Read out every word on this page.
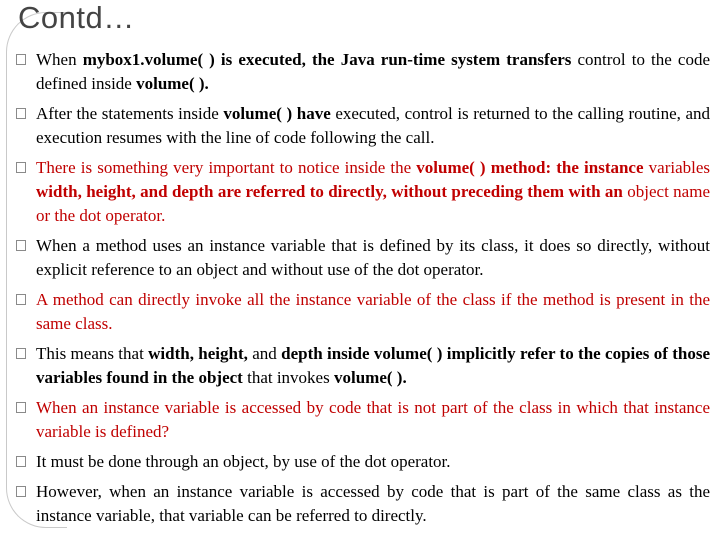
Contd…
When mybox1.volume( ) is executed, the Java run-time system transfers control to the code defined inside volume( ).
After the statements inside volume( ) have executed, control is returned to the calling routine, and execution resumes with the line of code following the call.
There is something very important to notice inside the volume( ) method: the instance variables width, height, and depth are referred to directly, without preceding them with an object name or the dot operator.
When a method uses an instance variable that is defined by its class, it does so directly, without explicit reference to an object and without use of the dot operator.
A method can directly invoke all the instance variable of the class if the method is present in the same class.
This means that width, height, and depth inside volume( ) implicitly refer to the copies of those variables found in the object that invokes volume( ).
When an instance variable is accessed by code that is not part of the class in which that instance variable is defined?
It must be done through an object, by use of the dot operator.
However, when an instance variable is accessed by code that is part of the same class as the instance variable, that variable can be referred to directly.
